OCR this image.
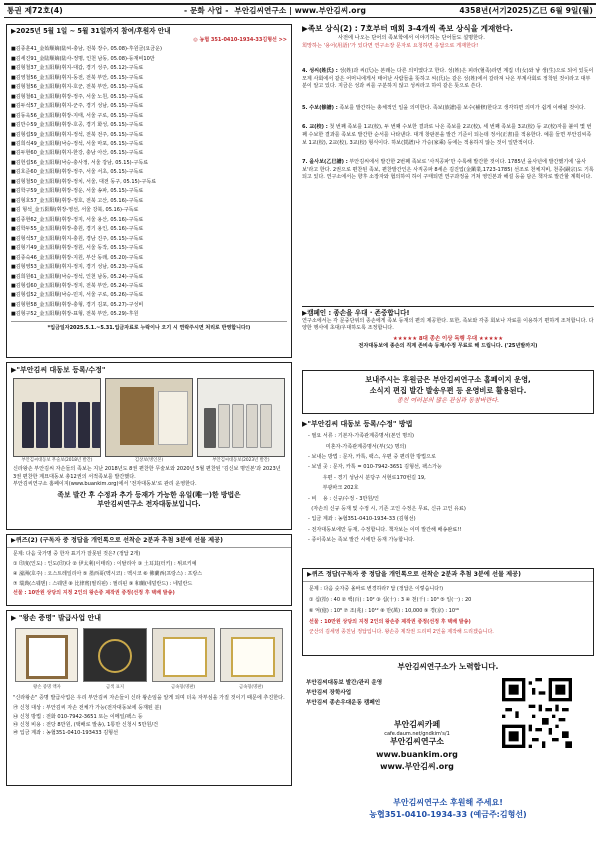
통권 제72호(4)	- 문화 사업 - 부안김씨연구소 | www.부안김씨.org	4358년(서기2025)乙巳 6월 9일(월)
▶2025년 5월 1일 ~ 5월 31일까지 참여/후원자 안내
◎ 농협 351-0410-1934-33김형선 >>
■김종훈41_金始顺嫡(陆씨-충남, 전북 장수, 05.08)-후원금(요금운)
■김세진91_金陆顺嫡(陆사-정명, 인천 남동, 05.08)-등재비10만
■김형철37_金五阳顺(휘지-대갑, 경기 성주, 05.12)-구독료
■김영철56_金五阳顺(휘지-동전, 전북 부안, 05.15)-구독료
■김형철56_金五阳顺(휘지-호군, 전북 부안, 05.15)-구독료
■김형철61_金五阳顺(휘장-정주, 서울 노원, 05.15)-구독료
■김두석57_金五阳顺(휘지-군주, 경기 성남, 05.15)-구독료
■김동욱56_金五阳顺(휘장-지태, 서울 구로, 05.15)-구독료
■김만수59_金五阳顺(휘장-호공, 경기 화성, 05.15)-구독료
■김형섭59_金五阳顺(휘지-정석, 전북 전주, 05.15)-구독료
■김희석49_金五阳顺(낙승-정석, 서울 마포, 05.15)-구독료
■김두현60_金五阳顺(휘지-한강, 충남 아산, 05.15)-구독료
■김헌섭56_金五阳顺(낙승-충사정, 서울 강남, 05.15)-구독료
■김호준60_金五阳顺(휘장-정주, 서울 서초, 05.15)-구독료
■김형철50_金五阳顺(휘장-정치, 서울, 대전 동구, 05.15)-구독료
■김학구59_金五阳顺(휘장-정운, 서울 송파, 05.15)-구독료
■김형호57_金五阳顺(휘장-정호, 전북 고산, 05.16)-구독료
■김 형석_金五阳顺(휘장-영선, 서울 강북, 05.16)-구독료
■김종현62_金五阳顺(휘장-정지, 서울 용산, 05.16)-구독료
■김학두55_金五阳顺(휘장-충원, 경기 용인, 05.16)-구독료
■김형석57_金五阳顺(휘지-충원, 경남 진주, 05.15)-구독료
■김형기49_金五阳顺(휘장-정원, 서울 동작, 05.15)-구독료
■김종숙46_金五阳顺(휘장-지원, 부산 동래, 05.20)-구독료
■김형영53_金五阳顺(휘지-정지, 경기 성남, 05.23)-구독료
■김희원61_金五阳顺(낙승-정석, 인천 남동, 05.24)-구독료
■김형섭60_金五阳顺(휘장-정지, 전북 부안, 05.24)-구독료
■김형섭52_金五阳顺(낙승-민지, 서울 구로, 05.26)-구독료
■김형현58_金五阳顺(휘장-충형, 경기 김포, 05.27)-구성비
■김형구52_金五阳顺(휘장-표형, 전북 부안, 05.29)-후원
*입금일자2025.5.1.~5.31.입금자료로 누락이나 오기 시 연락주시면 처리로 반영합니다!)
▶"부안김씨 대동보 등록/수정"
부안김씨대동보 무술보(2018년 발간)	김상보(병인본)	부안김씨대동보(2023년 발간)
신라왕손 부안김씨 자손들의 족보는 지난 2018년도 8권 편찬한 무술보와 2020년 5월 편찬된 '김신보 명인본'과 2023년 3권 편찬한 계묘대동보 총12권의 서적족보를 발간했다.
부안김씨연구소 홈페이지(www.buankim.org)에서 '전자대동보'로 관리 운영한다.
족보 발간 후 수정과 추가 등재가 가능한 유일(唯一)한 방법은
부안김씨연구소 전자대동보입니다.
▶퀴즈(2) (구독자 중 정답을 개인톡으로 선착순 2분과 추첨 3분에 선물 제공)
문제: 다음 국가명 중 한자 표기가 잘못된 것은? (정답 2개)
① 印度(인도) : 인도(印)다 ② 伊太利(이태리) : 이탈리아 ③ 土耳其(터키) : 튀르키예
④ 濠洲(호주) : 오스트레일리아 ⑤ 墨西哥(멕시코) : 멕시코 ⑥ 佛蘭西(프랑스) : 프랑스
⑦ 瑞典(스웨덴) : 스웨덴 ⑧ 比律賓(필리핀) : 필리핀 ⑨ 和蘭(네덜란드) : 네덜란드
선물 : 10만원 상당의 지정 2인의 왕손증 제작권 증정(선정 후 택배 발송)
▶ "왕손 증명" 발급사업 안내
왕손 증명 액자	금색 표지	금속형(명판)	금속형(명판)
"신라왕손" 증명 발급사업은 우리 부안김씨 자손들이 신라 왕손임을 알게 되며 더욱 자부심을 가질 것이기 때문에 추진한다.
㉮ 신청 대상 : 부안김씨 자손 전체가 가능(전자대동보에 등재된 분)
㉯ 신청 방법 : 전화 010-7942-3651 또는 이메일/팩스 등
㉰ 신청 비용 : 전당 8만원, (택배로 발송), 1통만 신청시 5만원/건
㉱ 입금 계좌 : 농협351-0410-193433 김형선
▶족보 상식(2) : 7호부터 매회 3-4개씩 족보 상식을 게재한다.
사전에 나오는 단어의 족보학에서 이야기하는 단어들도 설명한다.
희망하는 '용어(用語)'가 있다면 연구소장 문자로 요청하면 응답으로 게재한다!
4. 성씨(姓氏) : 성(姓)과 씨(氏)는 본래는 다른 의미였다고 한다. 성(姓)은 피라(혈족)라면 계집 녀(女)와 낳 생(生)으로 되어 있듯이 모계 사회에서 같은 어머니에게서 태어난 사람들을 뜻하고 씨(氏)는 같은 성(姓)에서 갈라져 나온 부계사회로 정착된 것이라고 대부분이 알고 있다. 지금은 성과 씨를 구분하지 않고 성씨라고 하여 같은 뜻으로 쓴다.
5. 수보(修譜) : 족보를 발간하는 총체적인 일을 의미한다. 족보(族譜)를 보수(補修)한다고 생각하면 의미가 쉽게 이해될 것이다.
6. 교(校) : 첫 번째 족보를 1교(校), 두 번째 수보한 결과로 나온 족보를 2교(校), 세 번째 족보를 3교(校) 등 교(校)자를 붙여 몇 번째 수보한 결과를 족보로 발간한 순서를 나타낸다. 대개 창판본을 발간 기준이 되는데 정서(正書)를 적용한다. 예를 들면 부안김씨족보 1교(校), 2교(校), 3교(校) 형식이다. 하보(賀譜)나 가승(家乘) 등에는 적용하지 않는 것이 일반적이다.
7. 을사보(乙巳譜) : 부안김씨에서 발간한 2번째 족보로 '사직공파'만 수록해 발간한 것이다. 1785년 을사년에 발간했기에 '을사보'라고 한다. 2권으로 편찬된 족보, 편찬발간인은 사직공파 8세손 김진업(金鎭業,1723-1785) 선조로 천체지비, 천종(嗣宗)도 기록되고 있다. 연구소에서는 향후 소장자와 협의하여 하이 구태되면 연구과정을 거쳐 영인본과 해설 등을 담은 책자로 발간할 계획이다.
▶캠페인 : 종손을 우대 · 존중합니다!
연구소에서는 각 문중단위의 종손에게 족보 등재의 편의 제공한다. 또한, 족보와 각종 회보나 자료를 이용하기 편하게 조처합니다. 다양한 행사에 초대/우대하도록 조정합니다.
★★★★★ 8대 종손 이상 독행 우대 ★★★★★
전자대동보에 종손의 직계 존비속 등재/수정 무료로 해 드립니다. ('25년발까지)
보내주시는 후원금은 부안김씨연구소 홈페이지 운영,
소식지 편집 발간 발송우편 등 운영비로 활용된다.
종친 여러분의 많은 관심과 동참바란다.
▶"부안김씨 대동보 등록/수정" 방법
- 필요 서류 : 기본자-가족관계증명서(본인 명의)
미혼자-가족관계증명서(부(父) 명의)
- 보내는 방법 : 문자, 카톡, 팩스, 우편 중 편리한 방법으로
- 보낼 곳 : 문자, 카톡 = 010-7942-3651 김형선, 팩스가능
우편 - 경기 성남시 분당구 서현로170번길 19,
부광파크 202호
- 비    용 : 신규/수정 - 3만원/인
(자손의 신규 등재 및 수정 시, 기존 고인 수정은 무료, 신규 고인 유료)
- 입금 계좌 : 농협351-0410-1934-33 (김형선)
- 전자대동보에만 등재, 수정합니다. 책자보는 이미 발간해 배송완료!!
- 종이족보는 족보 발간 시에만 등재 가능합니다.
▶퀴즈 정답(구독자 중 정답을 개인톡으로 선착순 2분과 추첨 3분에 선물 제공)
문제 : 다음 숫자중 올바로 변경하라? 답 (정답은 이렇습니다!)
① 십(拾) : 40 ② 백(百) : 10² ③ 십(十) : 3 ④ 천(千) : 10³ ⑤ 일(一) : 20
⑥ 억(億) : 10⁸ ⑦ 조(兆) : 10¹² ⑧ 만(萬) : 10,000 ⑨ 경(京) : 10¹⁶
선물 : 10만원 상당의 지정 2인의 왕손증 제작권 증정(선정 후 택배 발송)
군산의 김세영 종친님 정답입니다. 왕손증 제작권 드리며 2인을 제작해 드리겠습니다.
부안김씨연구소가 노력합니다.
부안김씨대동보 발간/관리 운영
부안김씨 장학사업
부안김씨 종손우대운동 캠페인
부안김씨카페
cafe.daum.net/gndkim's/1
부안김씨연구소
www.buankim.org
www.부안김씨.org
부안김씨연구소 후원해 주세요!
농협351-0410-1934-33 (예금주:김형선)
